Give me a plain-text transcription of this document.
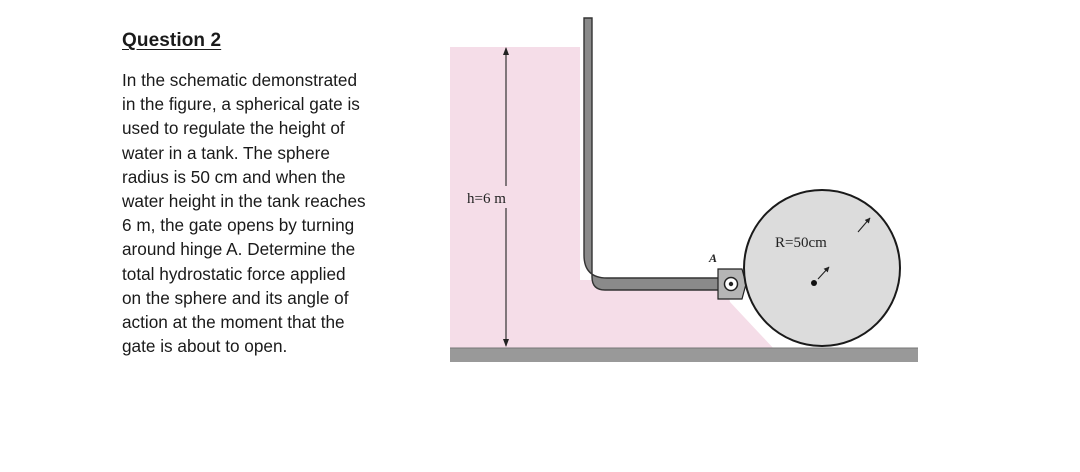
Question 2

In the schematic demonstrated
in the figure, a spherical gate is
used to regulate the height of
water in a tank. The sphere
radius is 50 cm and when the
water height in the tank reaches
6 m, the gate opens by turning
around hinge A. Determine the
total hydrostatic force applied
on the sphere and its angle of
action at the moment that the
gate is about to open.

h=6 m
R=50cm
A
